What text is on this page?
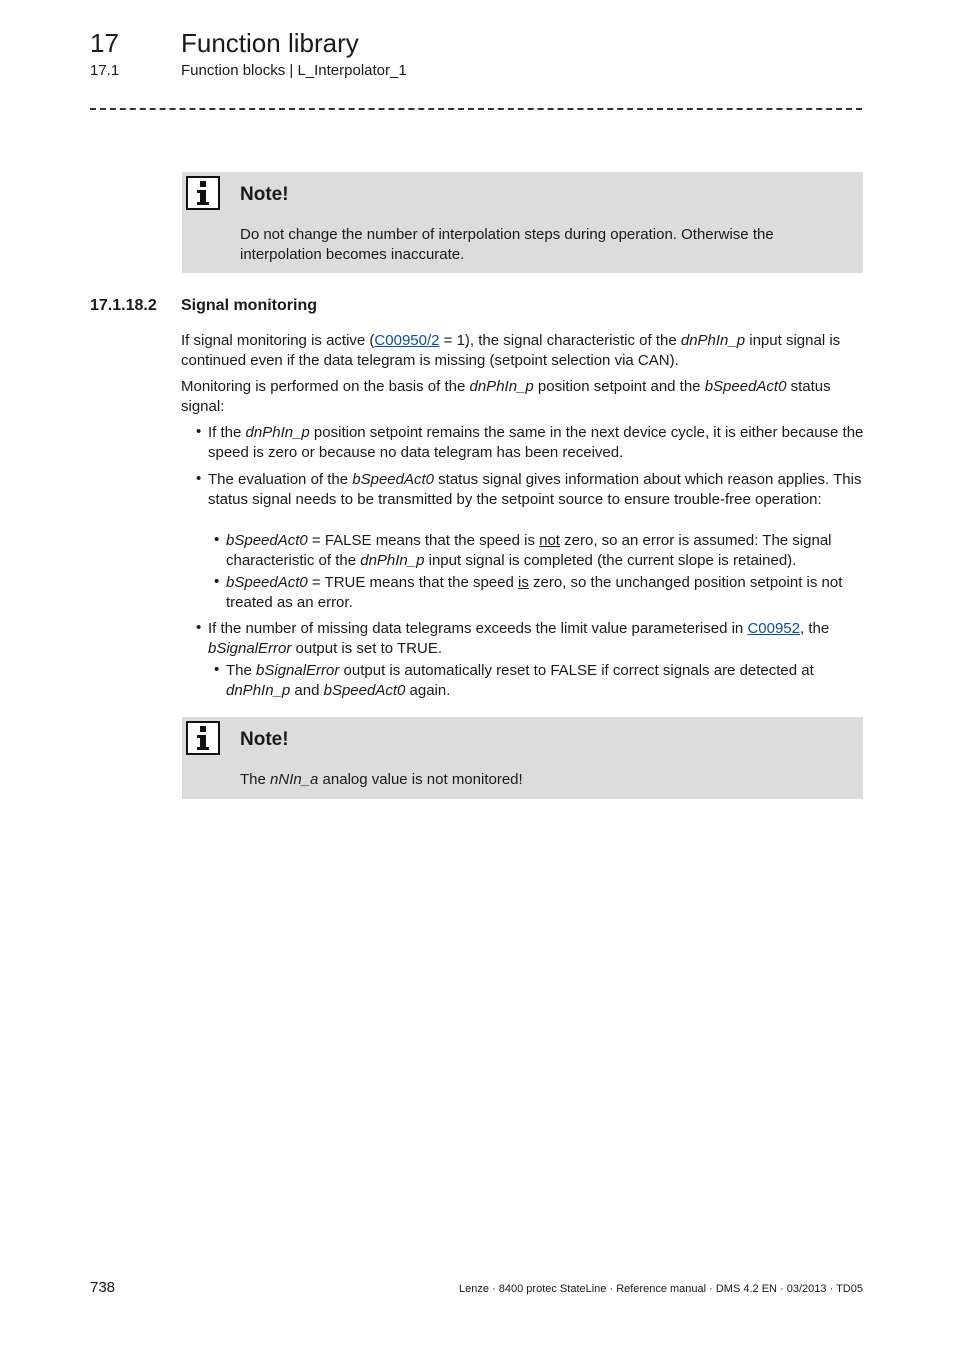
17 Function library
17.1	Function blocks | L_Interpolator_1
Note!
Do not change the number of interpolation steps during operation. Otherwise the interpolation becomes inaccurate.
17.1.18.2 Signal monitoring
If signal monitoring is active (C00950/2 = 1), the signal characteristic of the dnPhIn_p input signal is continued even if the data telegram is missing (setpoint selection via CAN).
Monitoring is performed on the basis of the dnPhIn_p position setpoint and the bSpeedAct0 status signal:
• If the dnPhIn_p position setpoint remains the same in the next device cycle, it is either because the speed is zero or because no data telegram has been received.
• The evaluation of the bSpeedAct0 status signal gives information about which reason applies. This status signal needs to be transmitted by the setpoint source to ensure trouble-free operation:
• bSpeedAct0 = FALSE means that the speed is not zero, so an error is assumed: The signal characteristic of the dnPhIn_p input signal is completed (the current slope is retained).
• bSpeedAct0 = TRUE means that the speed is zero, so the unchanged position setpoint is not treated as an error.
• If the number of missing data telegrams exceeds the limit value parameterised in C00952, the bSignalError output is set to TRUE.
• The bSignalError output is automatically reset to FALSE if correct signals are detected at dnPhIn_p and bSpeedAct0 again.
Note!
The nNIn_a analog value is not monitored!
738	Lenze · 8400 protec StateLine · Reference manual · DMS 4.2 EN · 03/2013 · TD05
